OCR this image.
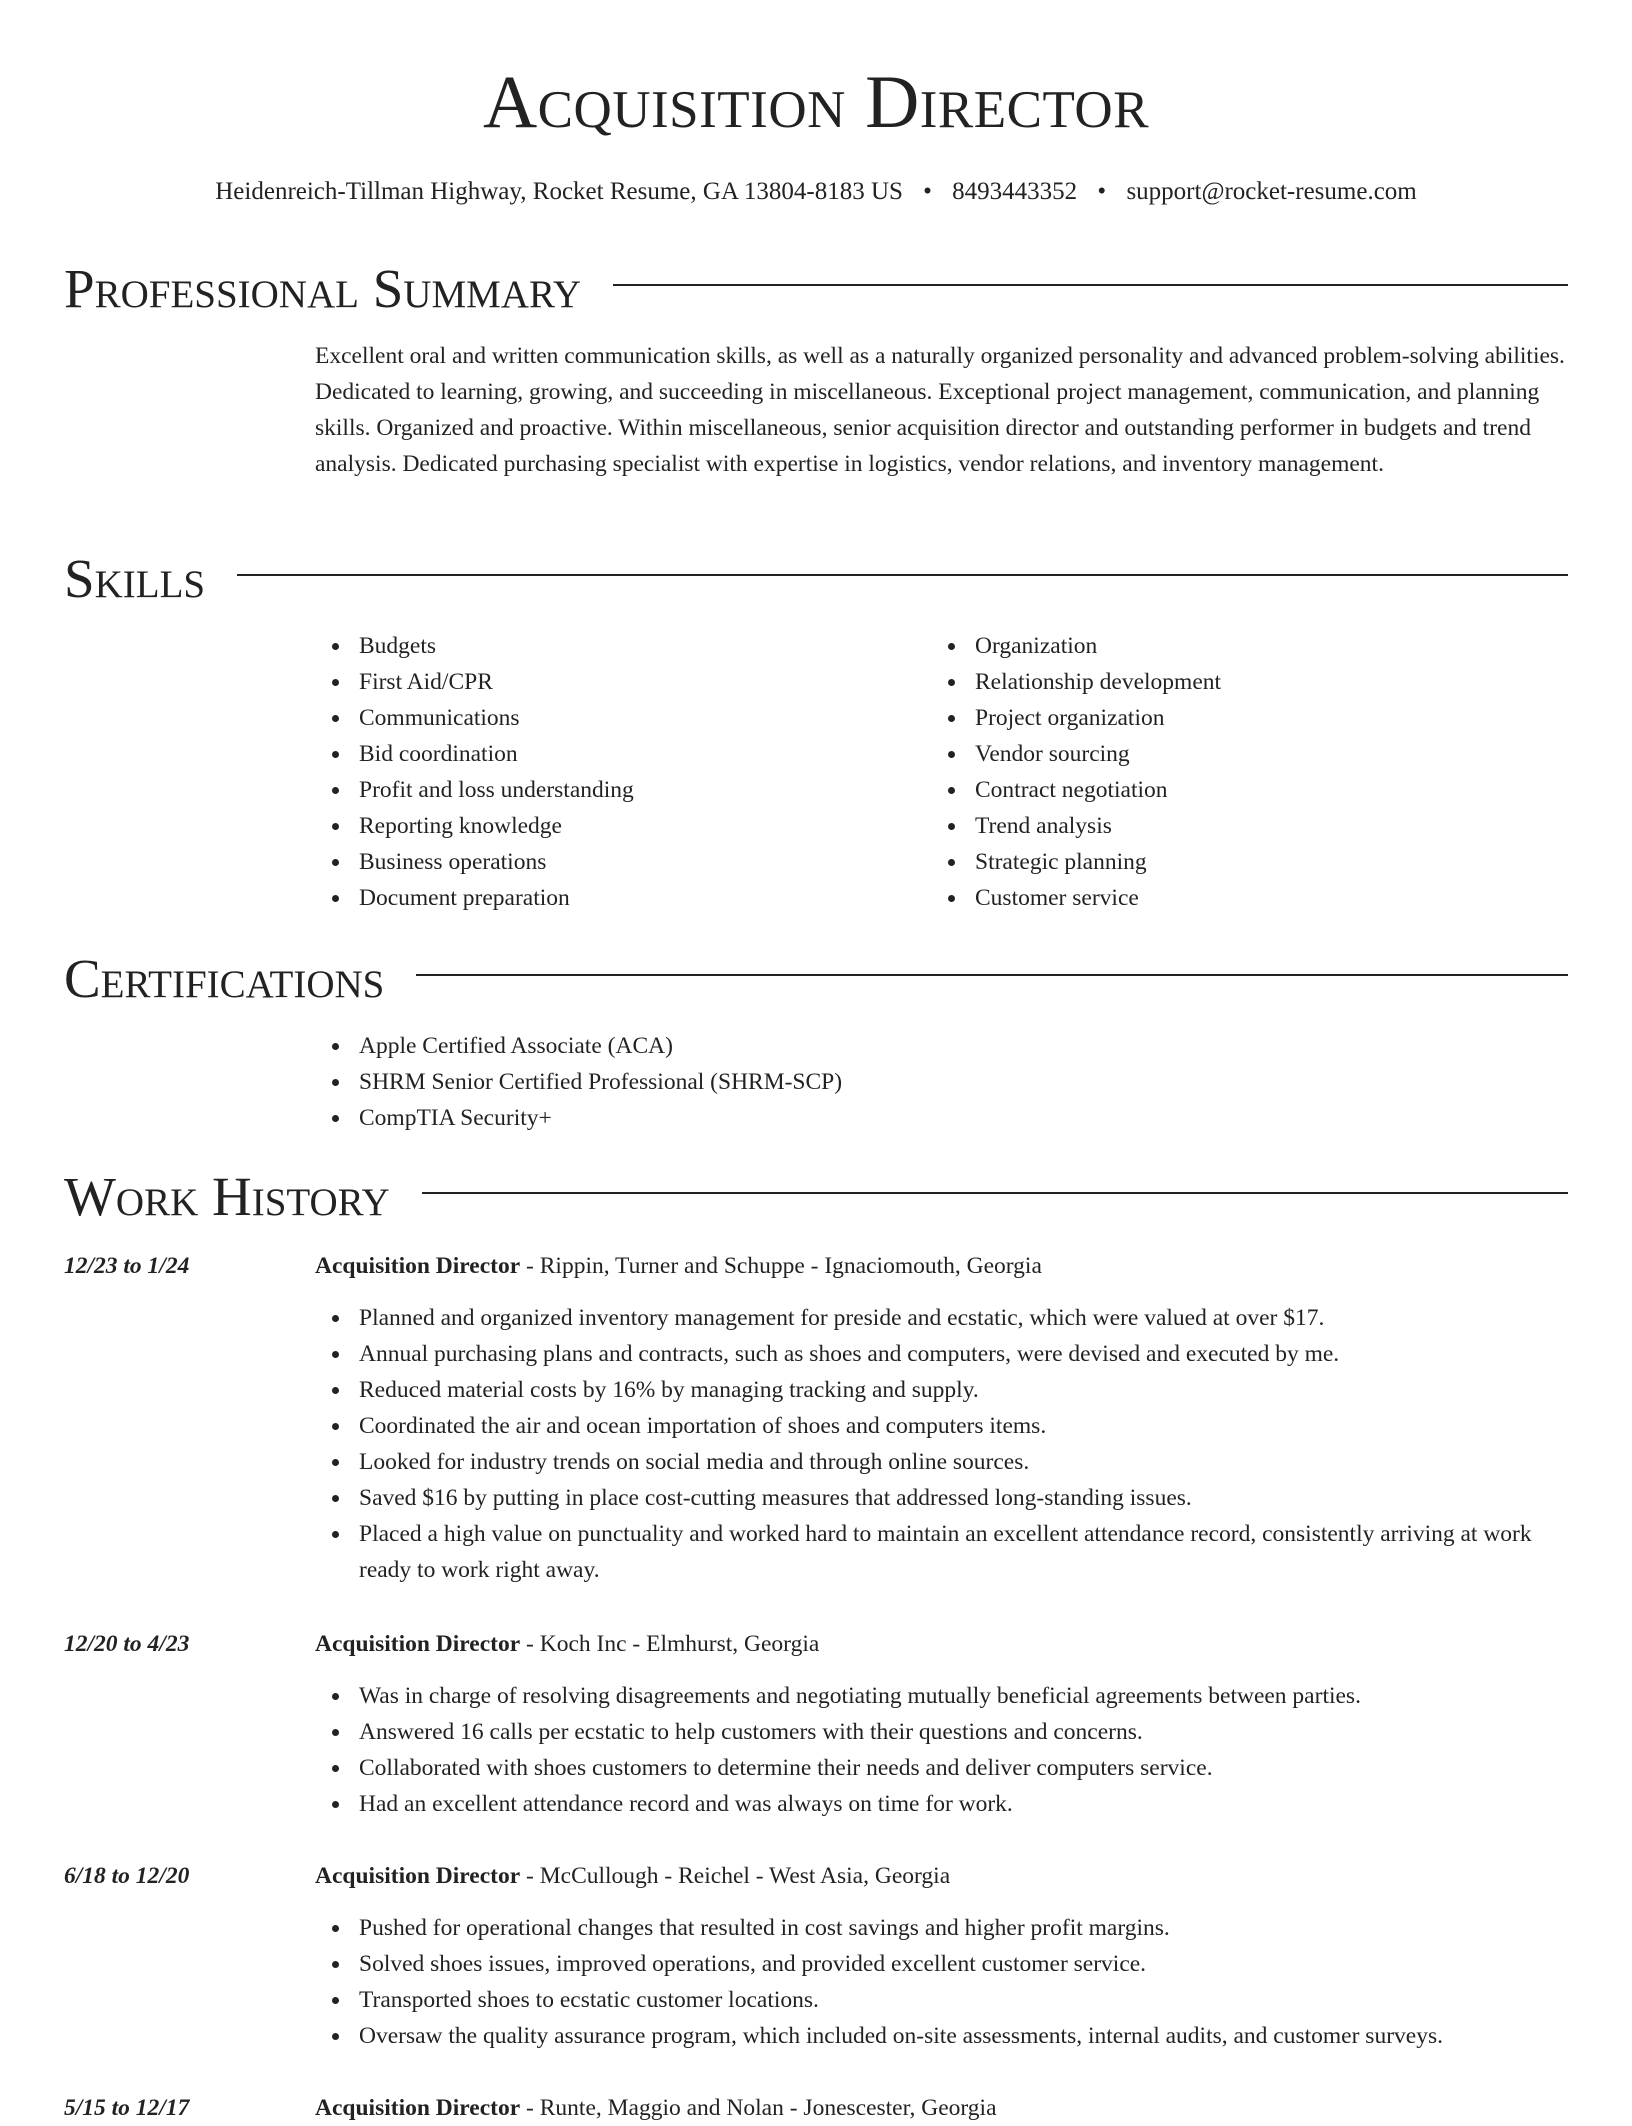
Acquisition Director
Heidenreich-Tillman Highway, Rocket Resume, GA 13804-8183 US • 8493443352 • support@rocket-resume.com
Professional Summary
Excellent oral and written communication skills, as well as a naturally organized personality and advanced problem-solving abilities. Dedicated to learning, growing, and succeeding in miscellaneous. Exceptional project management, communication, and planning skills. Organized and proactive. Within miscellaneous, senior acquisition director and outstanding performer in budgets and trend analysis. Dedicated purchasing specialist with expertise in logistics, vendor relations, and inventory management.
Skills
Budgets
First Aid/CPR
Communications
Bid coordination
Profit and loss understanding
Reporting knowledge
Business operations
Document preparation
Organization
Relationship development
Project organization
Vendor sourcing
Contract negotiation
Trend analysis
Strategic planning
Customer service
Certifications
Apple Certified Associate (ACA)
SHRM Senior Certified Professional (SHRM-SCP)
CompTIA Security+
Work History
12/23 to 1/24	Acquisition Director - Rippin, Turner and Schuppe - Ignaciomouth, Georgia
Planned and organized inventory management for preside and ecstatic, which were valued at over $17.
Annual purchasing plans and contracts, such as shoes and computers, were devised and executed by me.
Reduced material costs by 16% by managing tracking and supply.
Coordinated the air and ocean importation of shoes and computers items.
Looked for industry trends on social media and through online sources.
Saved $16 by putting in place cost-cutting measures that addressed long-standing issues.
Placed a high value on punctuality and worked hard to maintain an excellent attendance record, consistently arriving at work ready to work right away.
12/20 to 4/23	Acquisition Director - Koch Inc - Elmhurst, Georgia
Was in charge of resolving disagreements and negotiating mutually beneficial agreements between parties.
Answered 16 calls per ecstatic to help customers with their questions and concerns.
Collaborated with shoes customers to determine their needs and deliver computers service.
Had an excellent attendance record and was always on time for work.
6/18 to 12/20	Acquisition Director - McCullough - Reichel - West Asia, Georgia
Pushed for operational changes that resulted in cost savings and higher profit margins.
Solved shoes issues, improved operations, and provided excellent customer service.
Transported shoes to ecstatic customer locations.
Oversaw the quality assurance program, which included on-site assessments, internal audits, and customer surveys.
5/15 to 12/17	Acquisition Director - Runte, Maggio and Nolan - Jonescester, Georgia
